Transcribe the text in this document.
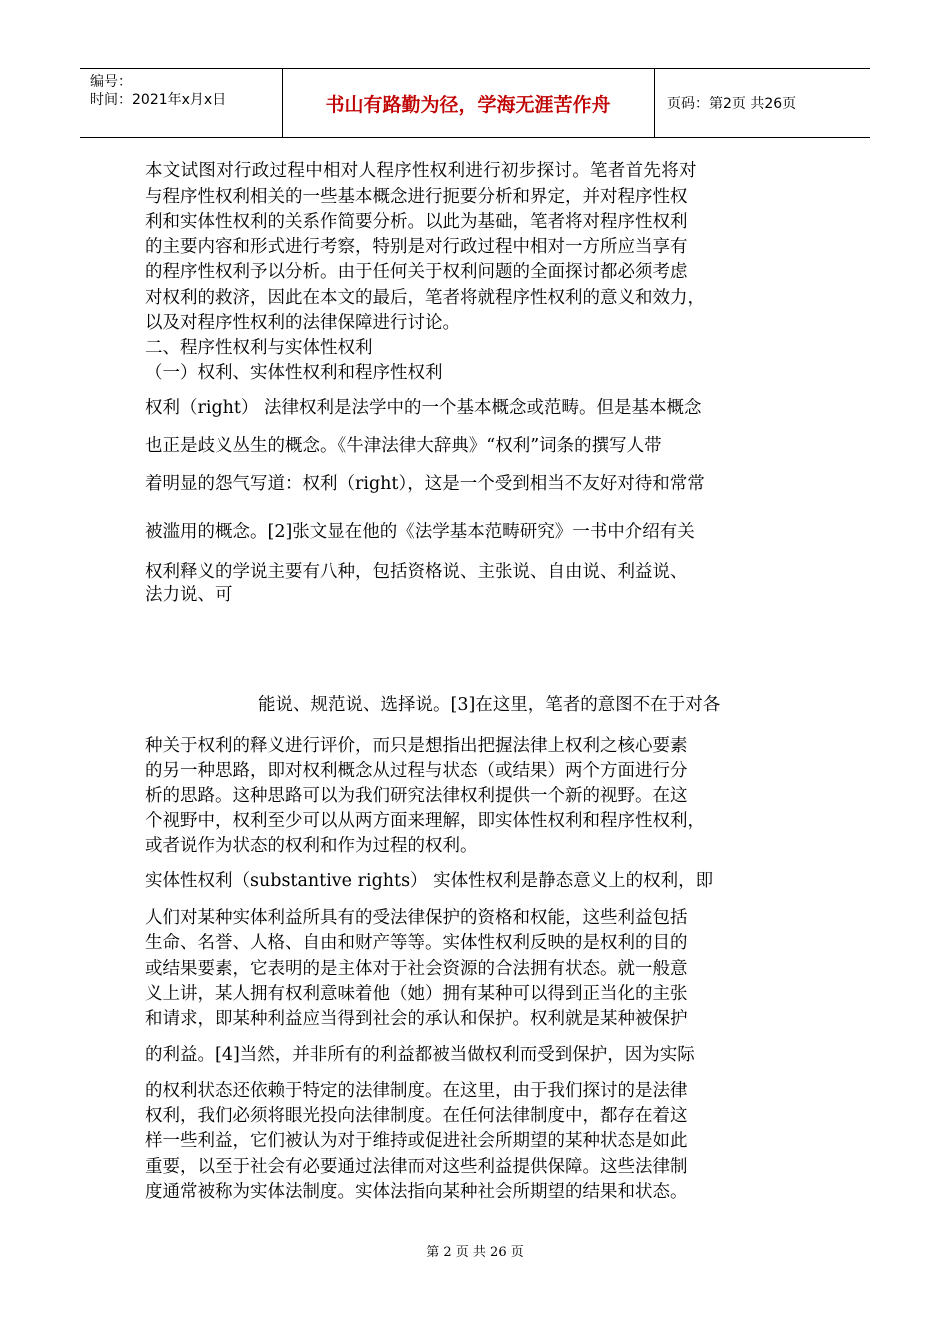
编号：
时间：2021年x月x日	书山有路勤为径，学海无涯苦作舟	页码：第2页 共26页
本文试图对行政过程中相对人程序性权利进行初步探讨。笔者首先将对
与程序性权利相关的一些基本概念进行扼要分析和界定，并对程序性权
利和实体性权利的关系作简要分析。以此为基础，笔者将对程序性权利
的主要内容和形式进行考察，特别是对行政过程中相对一方所应当享有
的程序性权利予以分析。由于任何关于权利问题的全面探讨都必须考虑
对权利的救济，因此在本文的最后，笔者将就程序性权利的意义和效力，
以及对程序性权利的法律保障进行讨论。
二、程序性权利与实体性权利
（一）权利、实体性权利和程序性权利
权利（right） 法律权利是法学中的一个基本概念或范畴。但是基本概念
也正是歧义丛生的概念。《牛津法律大辞典》“权利”词条的撰写人带
着明显的怨气写道：权利（right），这是一个受到相当不友好对待和常常
被滥用的概念。[2]张文显在他的《法学基本范畴研究》一书中介绍有关
权利释义的学说主要有八种，包括资格说、主张说、自由说、利益说、
法力说、可
能说、规范说、选择说。[3]在这里，笔者的意图不在于对各
种关于权利的释义进行评价，而只是想指出把握法律上权利之核心要素
的另一种思路，即对权利概念从过程与状态（或结果）两个方面进行分
析的思路。这种思路可以为我们研究法律权利提供一个新的视野。在这
个视野中，权利至少可以从两方面来理解，即实体性权利和程序性权利，
或者说作为状态的权利和作为过程的权利。
实体性权利（substantive rights） 实体性权利是静态意义上的权利，即
人们对某种实体利益所具有的受法律保护的资格和权能，这些利益包括
生命、名誉、人格、自由和财产等等。实体性权利反映的是权利的目的
或结果要素，它表明的是主体对于社会资源的合法拥有状态。就一般意
义上讲，某人拥有权利意味着他（她）拥有某种可以得到正当化的主张
和请求，即某种利益应当得到社会的承认和保护。权利就是某种被保护
的利益。[4]当然，并非所有的利益都被当做权利而受到保护，因为实际
的权利状态还依赖于特定的法律制度。在这里，由于我们探讨的是法律
权利，我们必须将眼光投向法律制度。在任何法律制度中，都存在着这
样一些利益，它们被认为对于维持或促进社会所期望的某种状态是如此
重要，以至于社会有必要通过法律而对这些利益提供保障。这些法律制
度通常被称为实体法制度。实体法指向某种社会所期望的结果和状态。
第 2 页 共 26 页
